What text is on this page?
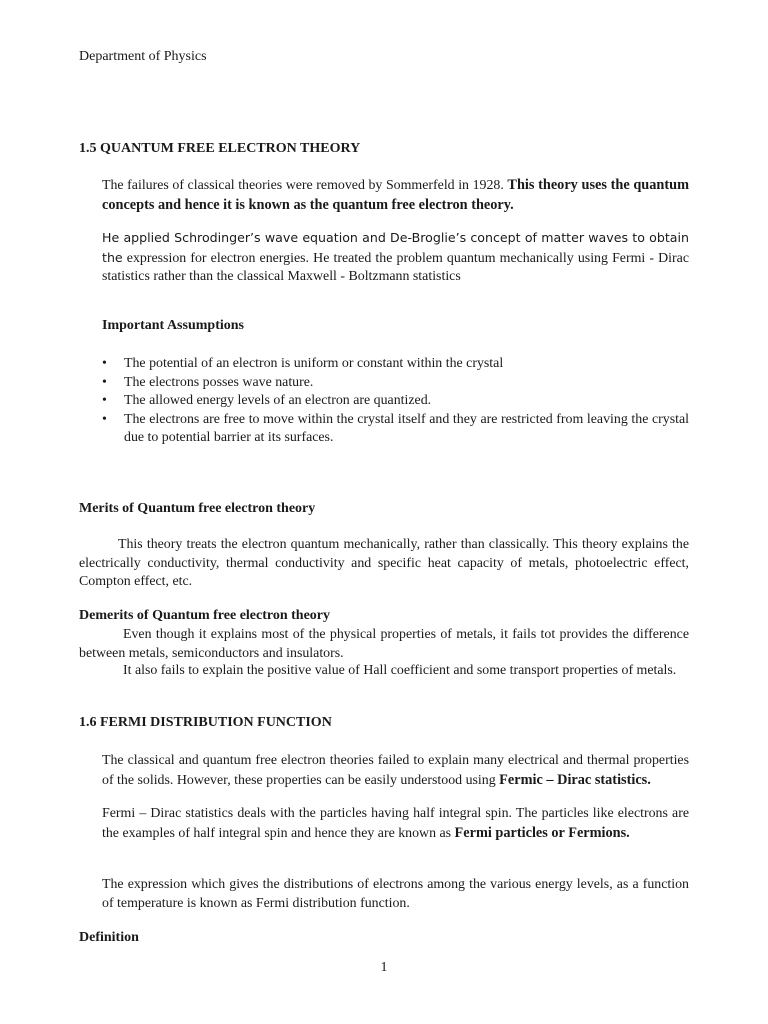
Department of Physics
1.5 QUANTUM FREE ELECTRON THEORY

The failures of classical theories were removed by Sommerfeld in 1928. This theory uses the quantum concepts and hence it is known as the quantum free electron theory.

He applied Schrodinger’s wave equation and De-Broglie’s concept of matter waves to obtain the expression for electron energies. He treated the problem quantum mechanically using Fermi - Dirac statistics rather than the classical Maxwell - Boltzmann statistics

Important Assumptions
• The potential of an electron is uniform or constant within the crystal
• The electrons posses wave nature.
• The allowed energy levels of an electron are quantized.
• The electrons are free to move within the crystal itself and they are restricted from leaving the crystal due to potential barrier at its surfaces.
Merits of Quantum free electron theory

This theory treats the electron quantum mechanically, rather than classically. This theory explains the electrically conductivity, thermal conductivity and specific heat capacity of metals, photoelectric effect, Compton effect, etc.

Demerits of Quantum free electron theory

Even though it explains most of the physical properties of metals, it fails tot provides the difference between metals, semiconductors and insulators.

It also fails to explain the positive value of Hall coefficient and some transport properties of metals.

1.6 FERMI DISTRIBUTION FUNCTION

The classical and quantum free electron theories failed to explain many electrical and thermal properties of the solids. However, these properties can be easily understood using Fermic – Dirac statistics.

Fermi – Dirac statistics deals with the particles having half integral spin. The particles like electrons are the examples of half integral spin and hence they are known as Fermi particles or Fermions.

The expression which gives the distributions of electrons among the various energy levels, as a function of temperature is known as Fermi distribution function.

Definition
1
